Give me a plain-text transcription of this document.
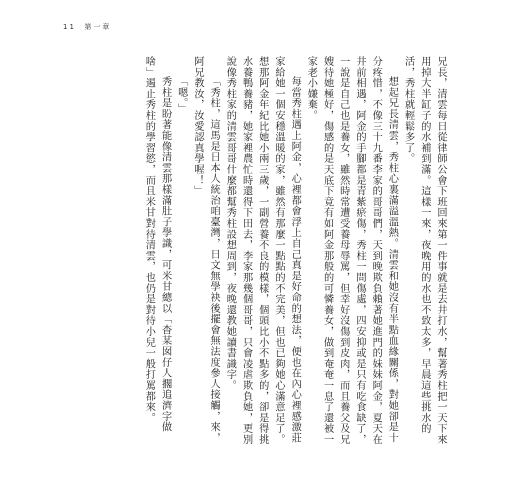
11 第一章

兄長，清雲每日從律師公會下班回來第一件事就是去井打水，幫著秀柱把一天下來用掉大半缸子的水補到滿。這樣一來，夜晚用的水也不致太多，早晨這些挑水的活，秀柱就輕鬆多了。

想起兄長清雲，秀柱心裏滿溢溫熱。清雲和她沒有半點血緣關係，對她卻是十分疼惜，不像三十九番李家的哥哥們，天到晚欺負賴著她進門的妹妹阿金，夏天在井前相遇，阿金的手腳都是青紫瘀傷，秀柱一問傷處，四安抑或是只有吃食缺了，一說是自己也是養女，雖然時常遭受養母辱罵，但幸好沒傷到皮肉，而且養父及兄嫂待她極好，傷感的是天底下竟有如阿金那般的可憐養女，做到奄奄一息了還被一家老小嫌棄。

每當秀柱遇上阿金，心裡都會浮上自己真是好命的想法，便也在內心裡感激莊家給她一個安穩溫暖的家，雖然有那麼一點點的不完美，但也已夠她心滿意足了。想那阿金年紀比她小兩三歲，一副營養不良的模樣，個頭比小不點多的，卻是得挑水養鴨養豬，她家裡農忙時還得下田去，李家那幾個哥哥，只會凌虐欺負她，更別說像秀柱家的清雲哥哥什麼都幫秀柱設想周到，夜晚還教她讀書識字。

「秀柱，這馬是日本人統治咱臺灣，日文無學袂後擺會無法度參人接觸，來，阿兄教汝，汝愛認真學喔！」

「嗯。」

秀柱是盼著能像清雲那樣滿肚子學識，可米甘總以「杳某囡仔人擱追濟字做啥」遏止秀柱的學習慾，而且米甘對待清雲，也仍是對待小兒一般打罵都來。
